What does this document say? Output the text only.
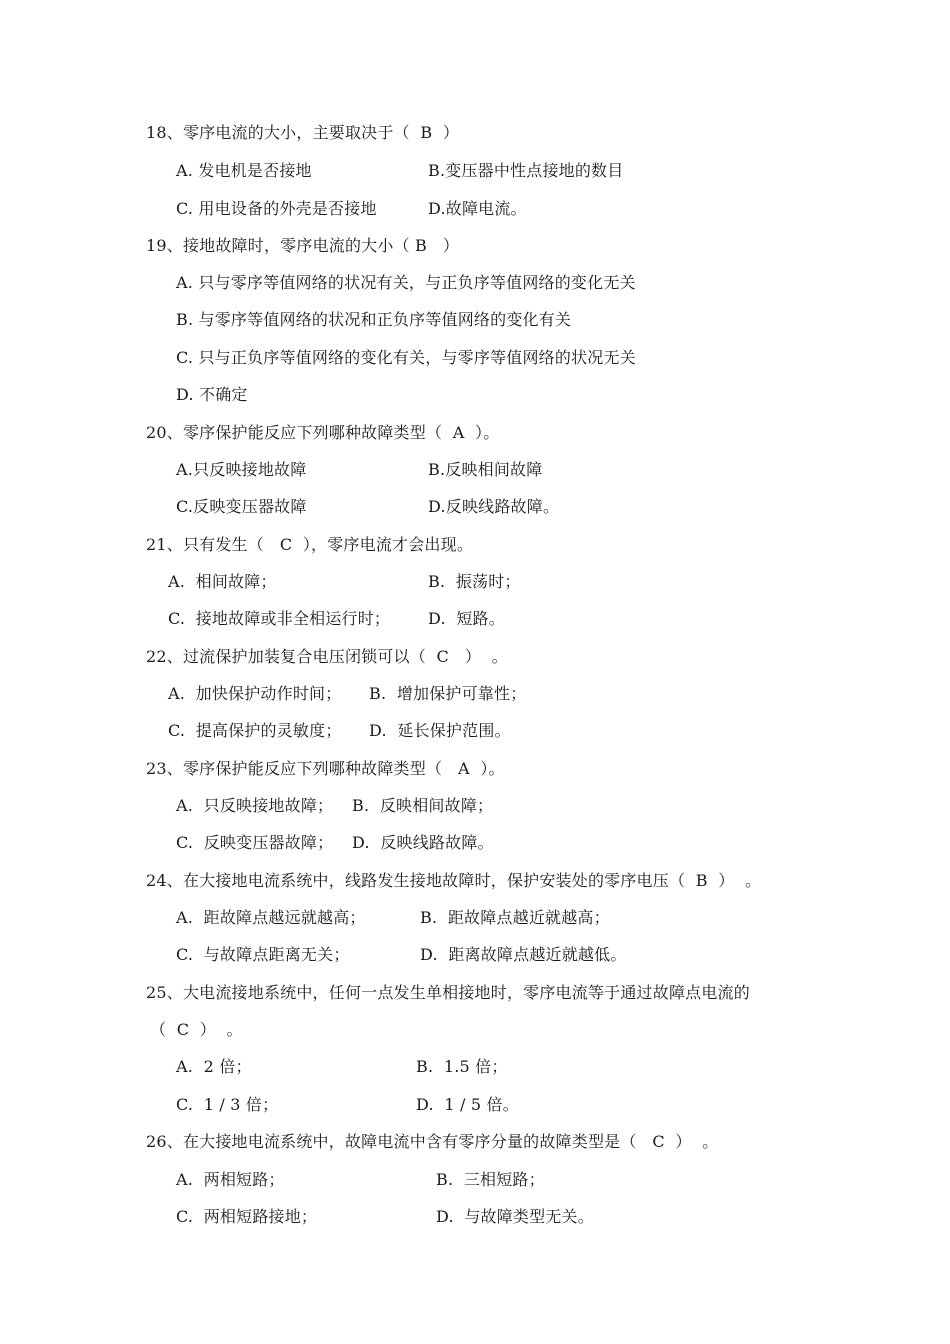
18、零序电流的大小，主要取决于（  B  ）
A. 发电机是否接地	B.变压器中性点接地的数目
C. 用电设备的外壳是否接地	D.故障电流。
19、接地故障时，零序电流的大小（ B   ）
A. 只与零序等值网络的状况有关，与正负序等值网络的变化无关
B. 与零序等值网络的状况和正负序等值网络的变化有关
C. 只与正负序等值网络的变化有关，与零序等值网络的状况无关
D. 不确定
20、零序保护能反应下列哪种故障类型（  A  ）。
A.只反映接地故障	B.反映相间故障
C.反映变压器故障	D.反映线路故障。
21、只有发生（   C  ），零序电流才会出现。
A.  相间故障；	B.  振荡时；
C.  接地故障或非全相运行时； D.  短路。
22、过流保护加装复合电压闭锁可以（  C   ）  。
A.  加快保护动作时间； B.  增加保护可靠性；
C.  提高保护的灵敏度； D.  延长保护范围。
23、零序保护能反应下列哪种故障类型（   A  ）。
A.  只反映接地故障； B.  反映相间故障；
C.  反映变压器故障； D.  反映线路故障。
24、在大接地电流系统中，线路发生接地故障时，保护安装处的零序电压（  B  ）  。
A.  距故障点越远就越高；	B.  距故障点越近就越高；
C.  与故障点距离无关；	D.  距离故障点越近就越低。
25、大电流接地系统中，任何一点发生单相接地时，零序电流等于通过故障点电流的
（  C  ）  。
A.  2 倍；	B.  1.5 倍；
C.  1 / 3 倍；	D.  1 / 5 倍。
26、在大接地电流系统中，故障电流中含有零序分量的故障类型是（   C  ）  。
A.  两相短路；	B.  三相短路；
C.  两相短路接地；	D.  与故障类型无关。
